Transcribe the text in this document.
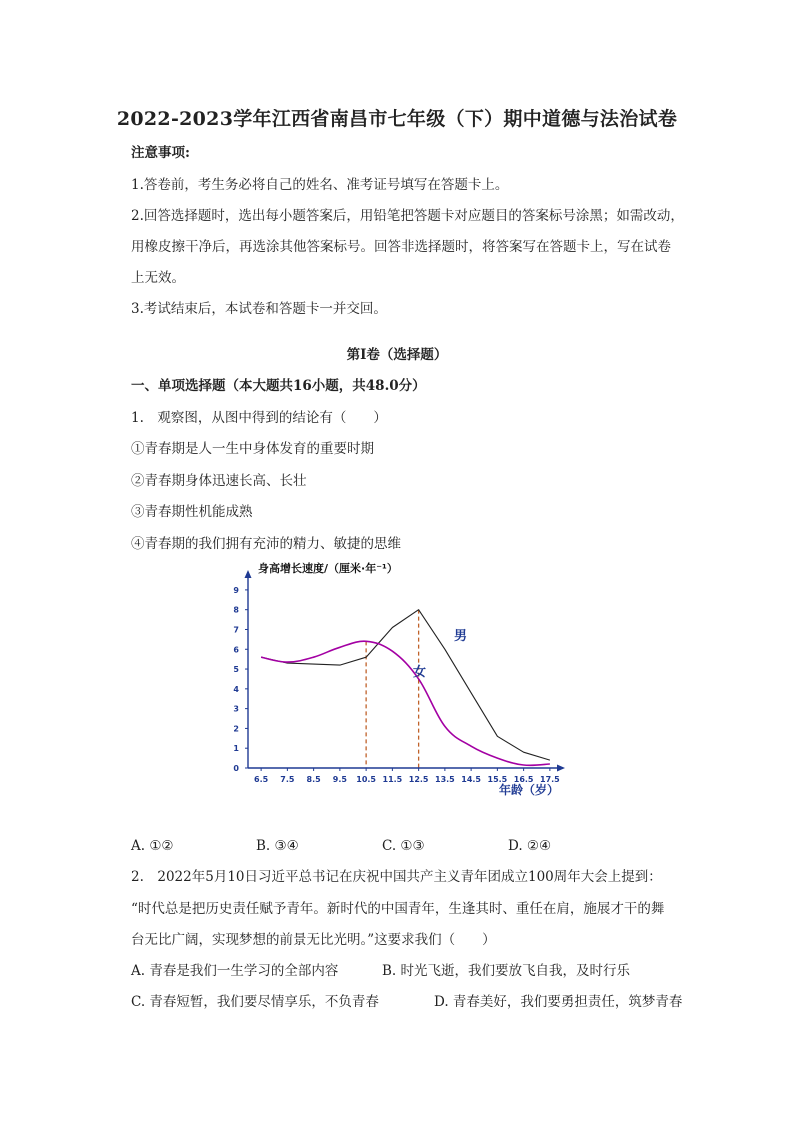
2022-2023学年江西省南昌市七年级（下）期中道德与法治试卷
注意事项:
1.答卷前，考生务必将自己的姓名、准考证号填写在答题卡上。
2.回答选择题时，选出每小题答案后，用铅笔把答题卡对应题目的答案标号涂黑；如需改动，
用橡皮擦干净后，再选涂其他答案标号。回答非选择题时，将答案写在答题卡上，写在试卷
上无效。
3.考试结束后，本试卷和答题卡一并交回。
第Ⅰ卷（选择题）
一、单项选择题（本大题共16小题，共48.0分）
1.　观察图，从图中得到的结论有（　　）
①青春期是人一生中身体发育的重要时期
②青春期身体迅速长高、长壮
③青春期性机能成熟
④青春期的我们拥有充沛的精力、敏捷的思维
0
1
2
3
4
5
6
7
8
9
6.5 7.5 8.5 9.5 10.5 11.5 12.5 13.5 14.5 15.5 16.5 17.5
身高增长速度/（厘米·年⁻¹）
年龄（岁）
男
女
A. ①②	B. ③④	C. ①③	D. ②④
2.　2022年5月10日习近平总书记在庆祝中国共产主义青年团成立100周年大会上提到：
“时代总是把历史责任赋予青年。新时代的中国青年，生逢其时、重任在肩，施展才干的舞
台无比广阔，实现梦想的前景无比光明。”这要求我们（　　）
A. 青春是我们一生学习的全部内容	B. 时光飞逝，我们要放飞自我，及时行乐
C. 青春短暂，我们要尽情享乐，不负青春	D. 青春美好，我们要勇担责任，筑梦青春
